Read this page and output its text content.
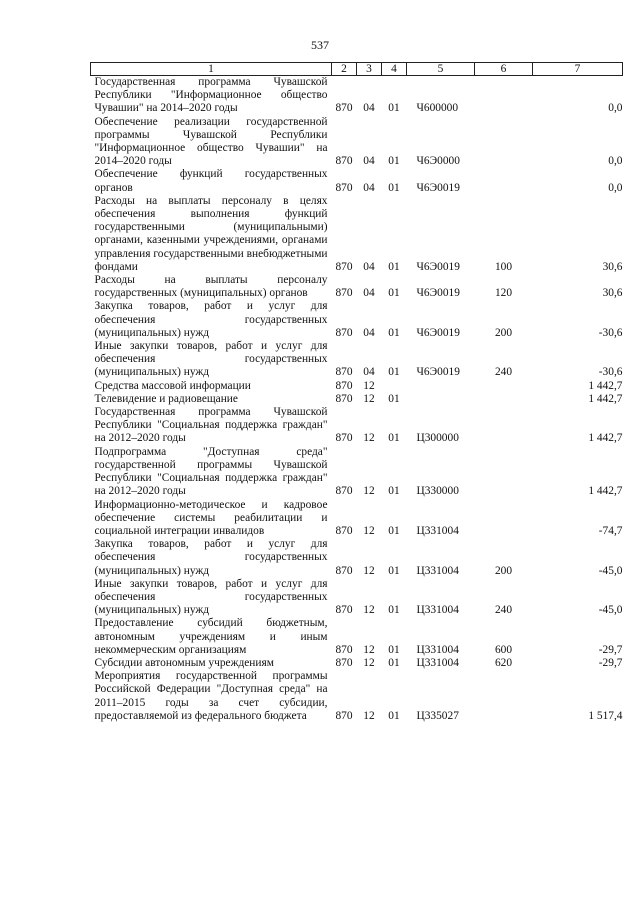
537
1	2	3	4	5	6	7
Государственная программа Чувашской Республики "Информационное общество Чувашии" на 2014–2020 годы	870	04	01	Ч600000		0,0
Обеспечение реализации государственной программы Чувашской Республики "Информационное общество Чувашии" на 2014–2020 годы	870	04	01	Ч6Э0000		0,0
Обеспечение функций государственных органов	870	04	01	Ч6Э0019		0,0
Расходы на выплаты персоналу в целях обеспечения выполнения функций государственными (муниципальными) органами, казенными учреждениями, органами управления государственными внебюджетными фондами	870	04	01	Ч6Э0019	100	30,6
Расходы на выплаты персоналу государственных (муниципальных) органов	870	04	01	Ч6Э0019	120	30,6
Закупка товаров, работ и услуг для обеспечения государственных (муниципальных) нужд	870	04	01	Ч6Э0019	200	-30,6
Иные закупки товаров, работ и услуг для обеспечения государственных (муниципальных) нужд	870	04	01	Ч6Э0019	240	-30,6
Средства массовой информации	870	12				1 442,7
Телевидение и радиовещание	870	12	01			1 442,7
Государственная программа Чувашской Республики "Социальная поддержка граждан" на 2012–2020 годы	870	12	01	Ц300000		1 442,7
Подпрограмма "Доступная среда" государственной программы Чувашской Республики "Социальная поддержка граждан" на 2012–2020 годы	870	12	01	Ц330000		1 442,7
Информационно-методическое и кадровое обеспечение системы реабилитации и социальной интеграции инвалидов	870	12	01	Ц331004		-74,7
Закупка товаров, работ и услуг для обеспечения государственных (муниципальных) нужд	870	12	01	Ц331004	200	-45,0
Иные закупки товаров, работ и услуг для обеспечения государственных (муниципальных) нужд	870	12	01	Ц331004	240	-45,0
Предоставление субсидий бюджетным, автономным учреждениям и иным некоммерческим организациям	870	12	01	Ц331004	600	-29,7
Субсидии автономным учреждениям	870	12	01	Ц331004	620	-29,7
Мероприятия государственной программы Российской Федерации "Доступная среда" на 2011–2015 годы за счет субсидии, предоставляемой из федерального бюджета	870	12	01	Ц335027		1 517,4
